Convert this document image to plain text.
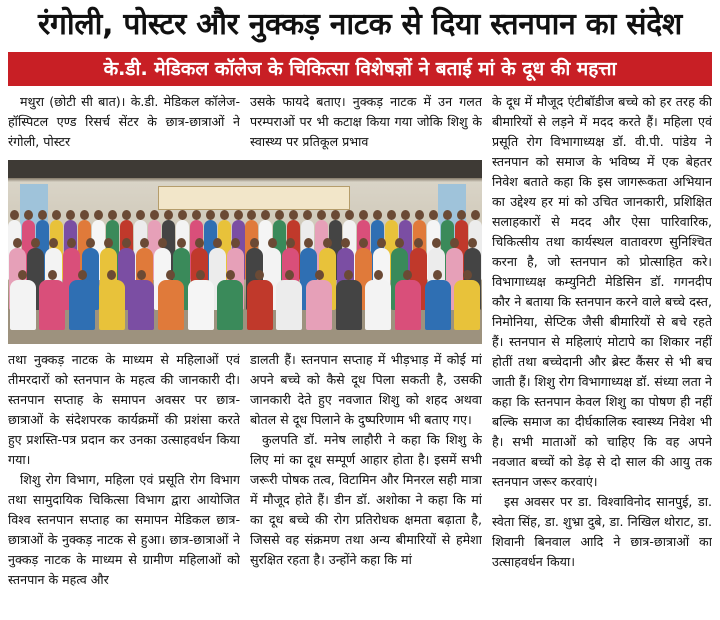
रंगोली, पोस्टर और नुक्कड़ नाटक से दिया स्तनपान का संदेश
के.डी. मेडिकल कॉलेज के चिकित्सा विशेषज्ञों ने बताई मां के दूध की महत्ता

मथुरा (छोटी सी बात)। के.डी. मेडिकल कॉलेज- हॉस्पिटल एण्ड रिसर्च सेंटर के छात्र-छात्राओं ने रंगोली, पोस्टर

उसके फायदे बताए। नुक्कड़ नाटक में उन गलत परम्पराओं पर भी कटाक्ष किया गया जोकि शिशु के स्वास्थ्य पर प्रतिकूल प्रभाव

के दूध में मौजूद एंटीबॉडीज बच्चे को हर तरह की बीमारियों से लड़ने में मदद करते हैं। महिला एवं प्रसूति रोग विभागाध्यक्ष डॉ. वी.पी. पांडेय ने स्तनपान को समाज के भविष्य में एक बेहतर निवेश बताते कहा कि इस जागरूकता अभियान का उद्देश्य हर मां को उचित जानकारी, प्रशिक्षित सलाहकारों से मदद और ऐसा पारिवारिक, चिकित्सीय तथा कार्यस्थल वातावरण सुनिश्चित करना है, जो स्तनपान को प्रोत्साहित करे। विभागाध्यक्ष कम्युनिटी मेडिसिन डॉ. गगनदीप कौर ने बताया कि स्तनपान करने वाले बच्चे दस्त, निमोनिया, सेप्टिक जैसी बीमारियों से बचे रहते हैं। स्तनपान से महिलाएं मोटापे का शिकार नहीं होतीं तथा बच्चेदानी और ब्रेस्ट कैंसर से भी बच जाती हैं। शिशु रोग विभागाध्यक्ष डॉ. संध्या लता ने कहा कि स्तनपान केवल शिशु का पोषण ही नहीं बल्कि समाज का दीर्घकालिक स्वास्थ्य निवेश भी है। सभी माताओं को चाहिए कि वह अपने नवजात बच्चों को डेढ़ से दो साल की आयु तक स्तनपान जरूर करवाएं।

इस अवसर पर डा. विश्वाविनोद सानपुई, डा. स्वेता सिंह, डा. शुभ्रा दुबे, डा. निखिल थोराट, डा. शिवानी बिनवाल आदि ने छात्र-छात्राओं का उत्साहवर्धन किया।

तथा नुक्कड़ नाटक के माध्यम से महिलाओं एवं तीमरदारों को स्तनपान के महत्व की जानकारी दी। स्तनपान सप्ताह के समापन अवसर पर छात्र-छात्राओं के संदेशपरक कार्यक्रमों की प्रशंसा करते हुए प्रशस्ति-पत्र प्रदान कर उनका उत्साहवर्धन किया गया।

शिशु रोग विभाग, महिला एवं प्रसूति रोग विभाग तथा सामुदायिक चिकित्सा विभाग द्वारा आयोजित विश्व स्तनपान सप्ताह का समापन मेडिकल छात्र-छात्राओं के नुक्कड़ नाटक से हुआ। छात्र-छात्राओं ने नुक्कड़ नाटक के माध्यम से ग्रामीण महिलाओं को स्तनपान के महत्व और

डालती हैं। स्तनपान सप्ताह में भीड़भाड़ में कोई मां अपने बच्चे को कैसे दूध पिला सकती है, उसकी जानकारी देते हुए नवजात शिशु को शहद अथवा बोतल से दूध पिलाने के दुष्परिणाम भी बताए गए।

कुलपति डॉ. मनेष लाहौरी ने कहा कि शिशु के लिए मां का दूध सम्पूर्ण आहार होता है। इसमें सभी जरूरी पोषक तत्व, विटामिन और मिनरल सही मात्रा में मौजूद होते हैं। डीन डॉ. अशोका ने कहा कि मां का दूध बच्चे की रोग प्रतिरोधक क्षमता बढ़ाता है, जिससे वह संक्रमण तथा अन्य बीमारियों से हमेशा सुरक्षित रहता है। उन्होंने कहा कि मां
